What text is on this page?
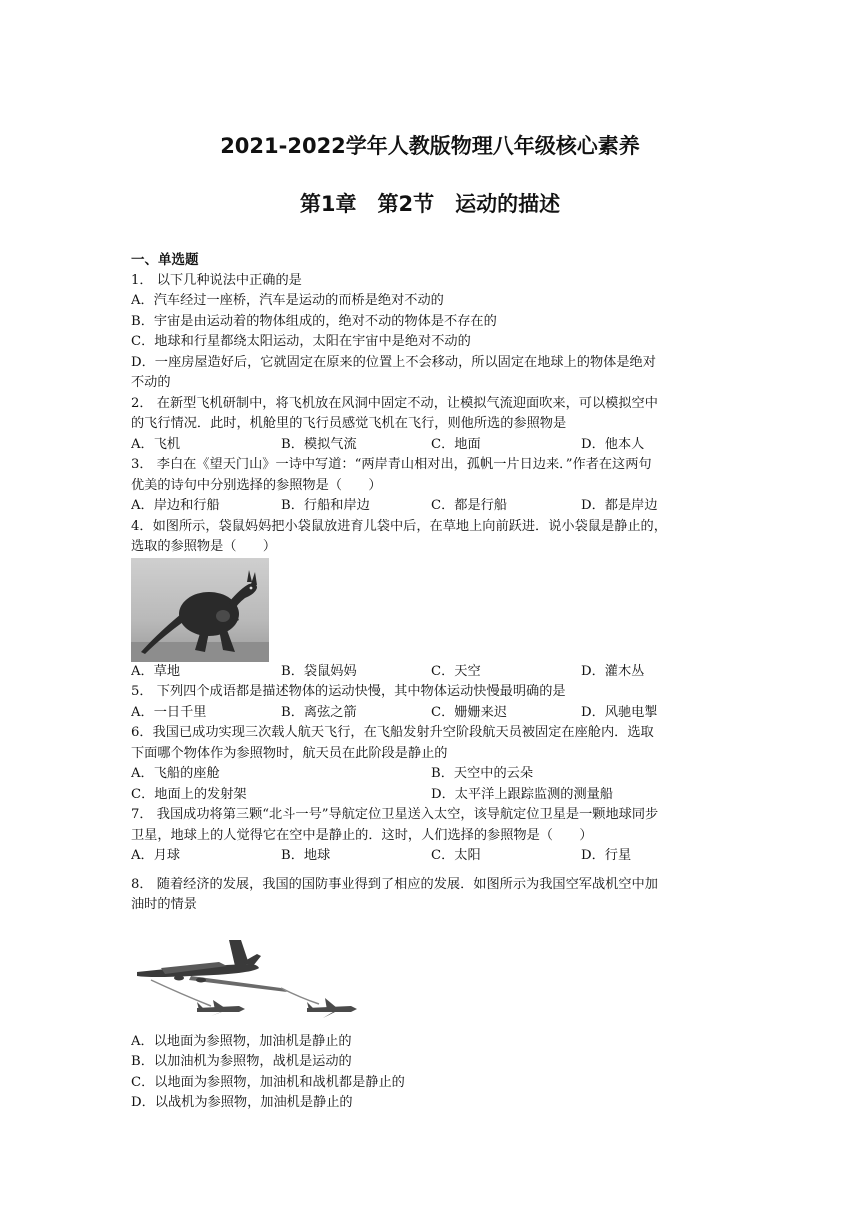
2021-2022学年人教版物理八年级核心素养
第1章　第2节　运动的描述
一、单选题
1． 以下几种说法中正确的是
A．汽车经过一座桥，汽车是运动的而桥是绝对不动的
B．宇宙是由运动着的物体组成的，绝对不动的物体是不存在的
C．地球和行星都绕太阳运动，太阳在宇宙中是绝对不动的
D．一座房屋造好后，它就固定在原来的位置上不会移动，所以固定在地球上的物体是绝对
不动的
2． 在新型飞机研制中，将飞机放在风洞中固定不动，让模拟气流迎面吹来，可以模拟空中
的飞行情况．此时，机舱里的飞行员感觉飞机在飞行，则他所选的参照物是
A．飞机	B．模拟气流	C．地面	D．他本人
3． 李白在《望天门山》一诗中写道：“两岸青山相对出，孤帆一片日边来．”作者在这两句
优美的诗句中分别选择的参照物是（　　）
A．岸边和行船	B．行船和岸边	C．都是行船	D．都是岸边
4．如图所示，袋鼠妈妈把小袋鼠放进育儿袋中后，在草地上向前跃进．说小袋鼠是静止的，
选取的参照物是（　　）
A．草地	B．袋鼠妈妈	C．天空	D．灌木丛
5． 下列四个成语都是描述物体的运动快慢，其中物体运动快慢最明确的是
A．一日千里	B．离弦之箭	C．姗姗来迟	D．风驰电掣
6．我国已成功实现三次载人航天飞行，在飞船发射升空阶段航天员被固定在座舱内．选取
下面哪个物体作为参照物时，航天员在此阶段是静止的
A．飞船的座舱	B．天空中的云朵
C．地面上的发射架	D．太平洋上跟踪监测的测量船
7． 我国成功将第三颗“北斗一号”导航定位卫星送入太空，该导航定位卫星是一颗地球同步
卫星，地球上的人觉得它在空中是静止的．这时，人们选择的参照物是（　　）
A．月球	B．地球	C．太阳	D．行星
8． 随着经济的发展，我国的国防事业得到了相应的发展．如图所示为我国空军战机空中加
油时的情景
A．以地面为参照物，加油机是静止的
B．以加油机为参照物，战机是运动的
C．以地面为参照物，加油机和战机都是静止的
D．以战机为参照物，加油机是静止的
